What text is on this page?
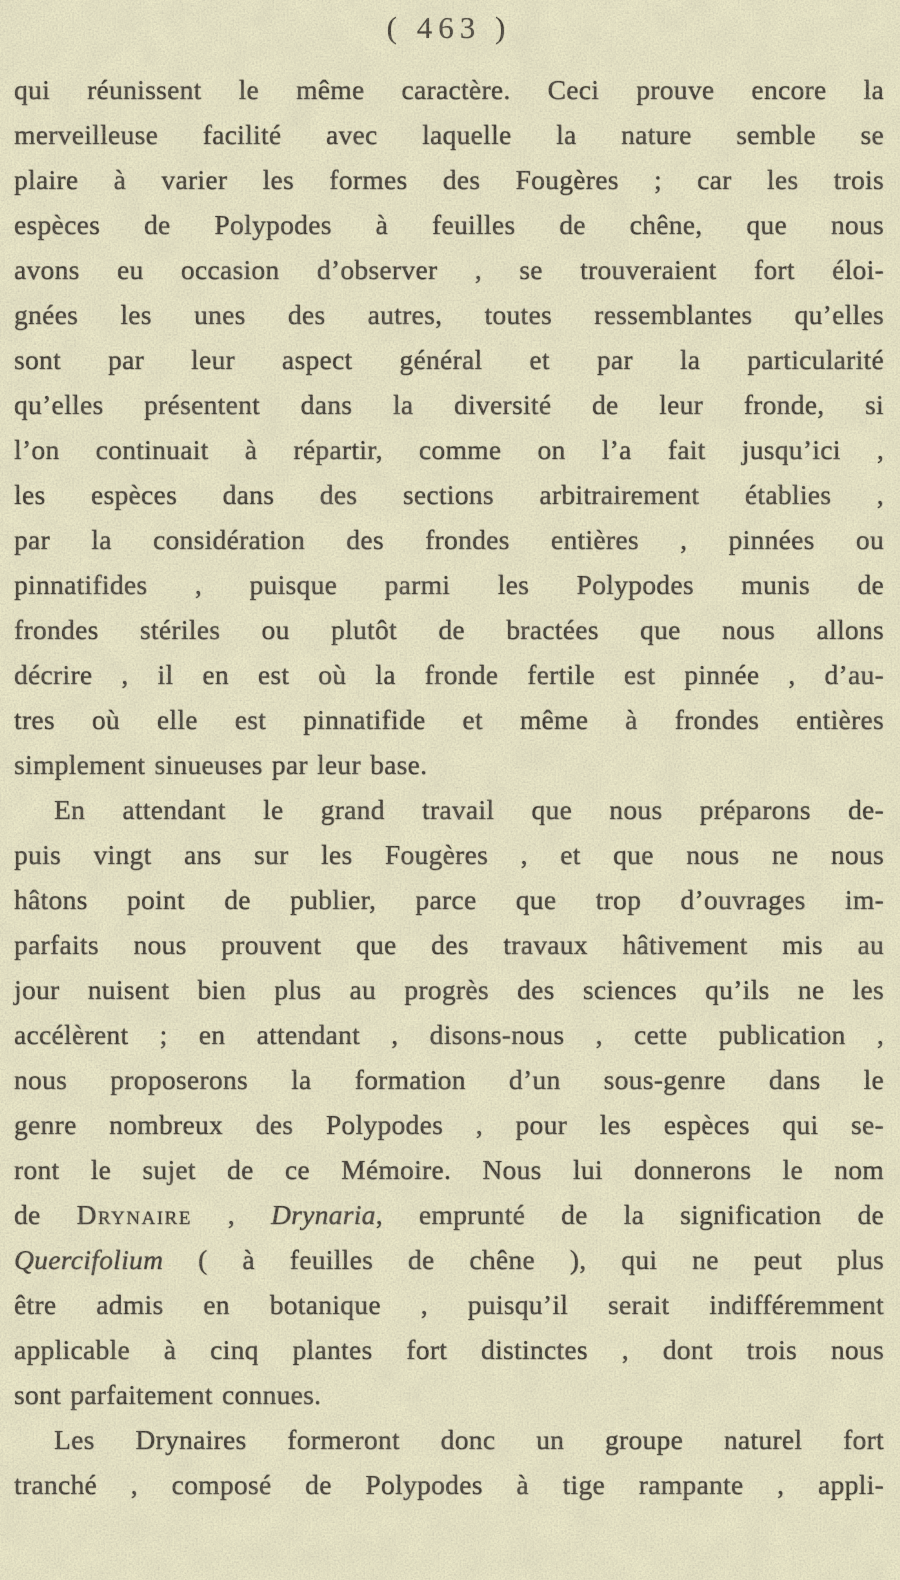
( 463 )
qui réunissent le même caractère. Ceci prouve encore la
merveilleuse facilité avec laquelle la nature semble se
plaire à varier les formes des Fougères ; car les trois
espèces de Polypodes à feuilles de chêne, que nous
avons eu occasion d’observer , se trouveraient fort éloi-
gnées les unes des autres, toutes ressemblantes qu’elles
sont par leur aspect général et par la particularité
qu’elles présentent dans la diversité de leur fronde, si
l’on continuait à répartir, comme on l’a fait jusqu’ici ,
les espèces dans des sections arbitrairement établies ,
par la considération des frondes entières , pinnées ou
pinnatifides , puisque parmi les Polypodes munis de
frondes stériles ou plutôt de bractées que nous allons
décrire , il en est où la fronde fertile est pinnée , d’au-
tres où elle est pinnatifide et même à frondes entières
simplement sinueuses par leur base.
En attendant le grand travail que nous préparons de-
puis vingt ans sur les Fougères , et que nous ne nous
hâtons point de publier, parce que trop d’ouvrages im-
parfaits nous prouvent que des travaux hâtivement mis au
jour nuisent bien plus au progrès des sciences qu’ils ne les
accélèrent ; en attendant , disons-nous , cette publication ,
nous proposerons la formation d’un sous-genre dans le
genre nombreux des Polypodes , pour les espèces qui se-
ront le sujet de ce Mémoire. Nous lui donnerons le nom
de Drynaire , Drynaria, emprunté de la signification de
Quercifolium ( à feuilles de chêne ), qui ne peut plus
être admis en botanique , puisqu’il serait indifféremment
applicable à cinq plantes fort distinctes , dont trois nous
sont parfaitement connues.
Les Drynaires formeront donc un groupe naturel fort
tranché , composé de Polypodes à tige rampante , appli-
